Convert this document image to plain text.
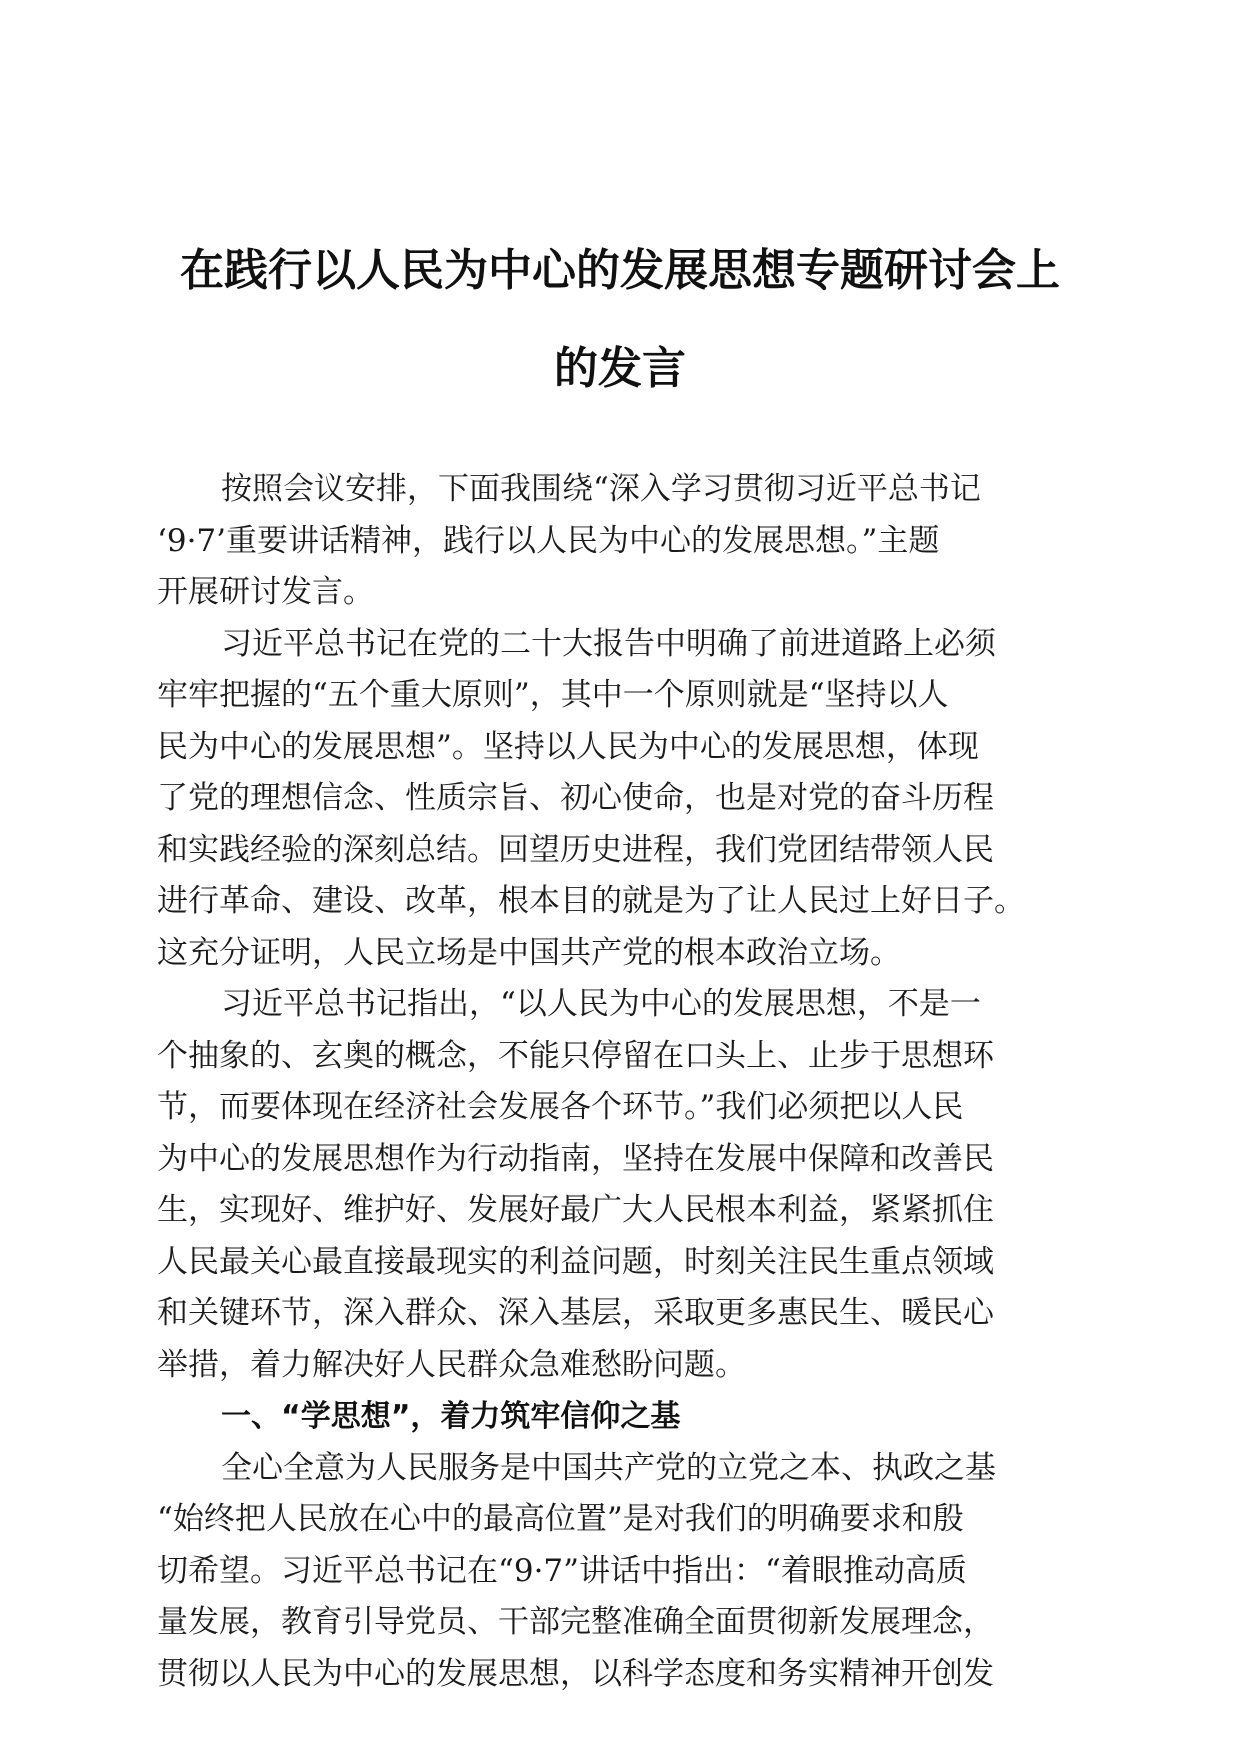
在践行以人民为中心的发展思想专题研讨会上
的发言
按照会议安排，下面我围绕“深入学习贯彻习近平总书记
‘9·7’重要讲话精神，践行以人民为中心的发展思想。”主题
开展研讨发言。
习近平总书记在党的二十大报告中明确了前进道路上必须
牢牢把握的“五个重大原则”，其中一个原则就是“坚持以人
民为中心的发展思想”。坚持以人民为中心的发展思想，体现
了党的理想信念、性质宗旨、初心使命，也是对党的奋斗历程
和实践经验的深刻总结。回望历史进程，我们党团结带领人民
进行革命、建设、改革，根本目的就是为了让人民过上好日子。
这充分证明，人民立场是中国共产党的根本政治立场。
习近平总书记指出，“以人民为中心的发展思想，不是一
个抽象的、玄奥的概念，不能只停留在口头上、止步于思想环
节，而要体现在经济社会发展各个环节。”我们必须把以人民
为中心的发展思想作为行动指南，坚持在发展中保障和改善民
生，实现好、维护好、发展好最广大人民根本利益，紧紧抓住
人民最关心最直接最现实的利益问题，时刻关注民生重点领域
和关键环节，深入群众、深入基层，采取更多惠民生、暖民心
举措，着力解决好人民群众急难愁盼问题。
一、“学思想”，着力筑牢信仰之基
全心全意为人民服务是中国共产党的立党之本、执政之基
“始终把人民放在心中的最高位置”是对我们的明确要求和殷
切希望。习近平总书记在“9·7”讲话中指出：“着眼推动高质
量发展，教育引导党员、干部完整准确全面贯彻新发展理念，
贯彻以人民为中心的发展思想，以科学态度和务实精神开创发
